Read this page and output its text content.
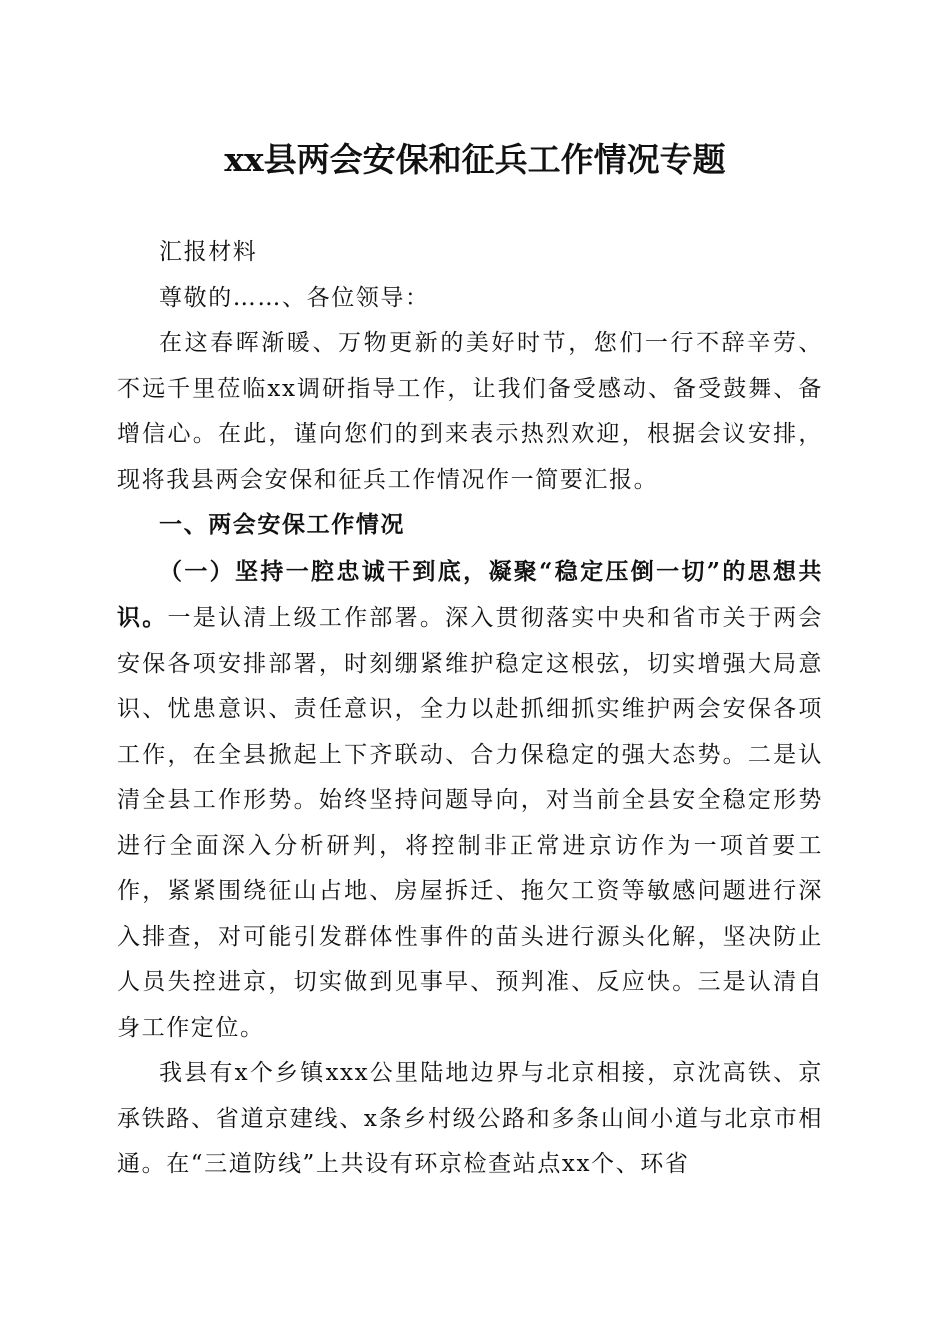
xx县两会安保和征兵工作情况专题

汇报材料

尊敬的……、各位领导：

在这春晖渐暖、万物更新的美好时节，您们一行不辞辛劳、不远千里莅临xx调研指导工作，让我们备受感动、备受鼓舞、备增信心。在此，谨向您们的到来表示热烈欢迎，根据会议安排，现将我县两会安保和征兵工作情况作一简要汇报。

一、两会安保工作情况

（一）坚持一腔忠诚干到底，凝聚“稳定压倒一切”的思想共识。一是认清上级工作部署。深入贯彻落实中央和省市关于两会安保各项安排部署，时刻绷紧维护稳定这根弦，切实增强大局意识、忧患意识、责任意识，全力以赴抓细抓实维护两会安保各项工作，在全县掀起上下齐联动、合力保稳定的强大态势。二是认清全县工作形势。始终坚持问题导向，对当前全县安全稳定形势进行全面深入分析研判，将控制非正常进京访作为一项首要工作，紧紧围绕征山占地、房屋拆迁、拖欠工资等敏感问题进行深入排查，对可能引发群体性事件的苗头进行源头化解，坚决防止人员失控进京，切实做到见事早、预判准、反应快。三是认清自身工作定位。

我县有x个乡镇xxx公里陆地边界与北京相接，京沈高铁、京承铁路、省道京建线、x条乡村级公路和多条山间小道与北京市相通。在“三道防线”上共设有环京检查站点xx个、环省
